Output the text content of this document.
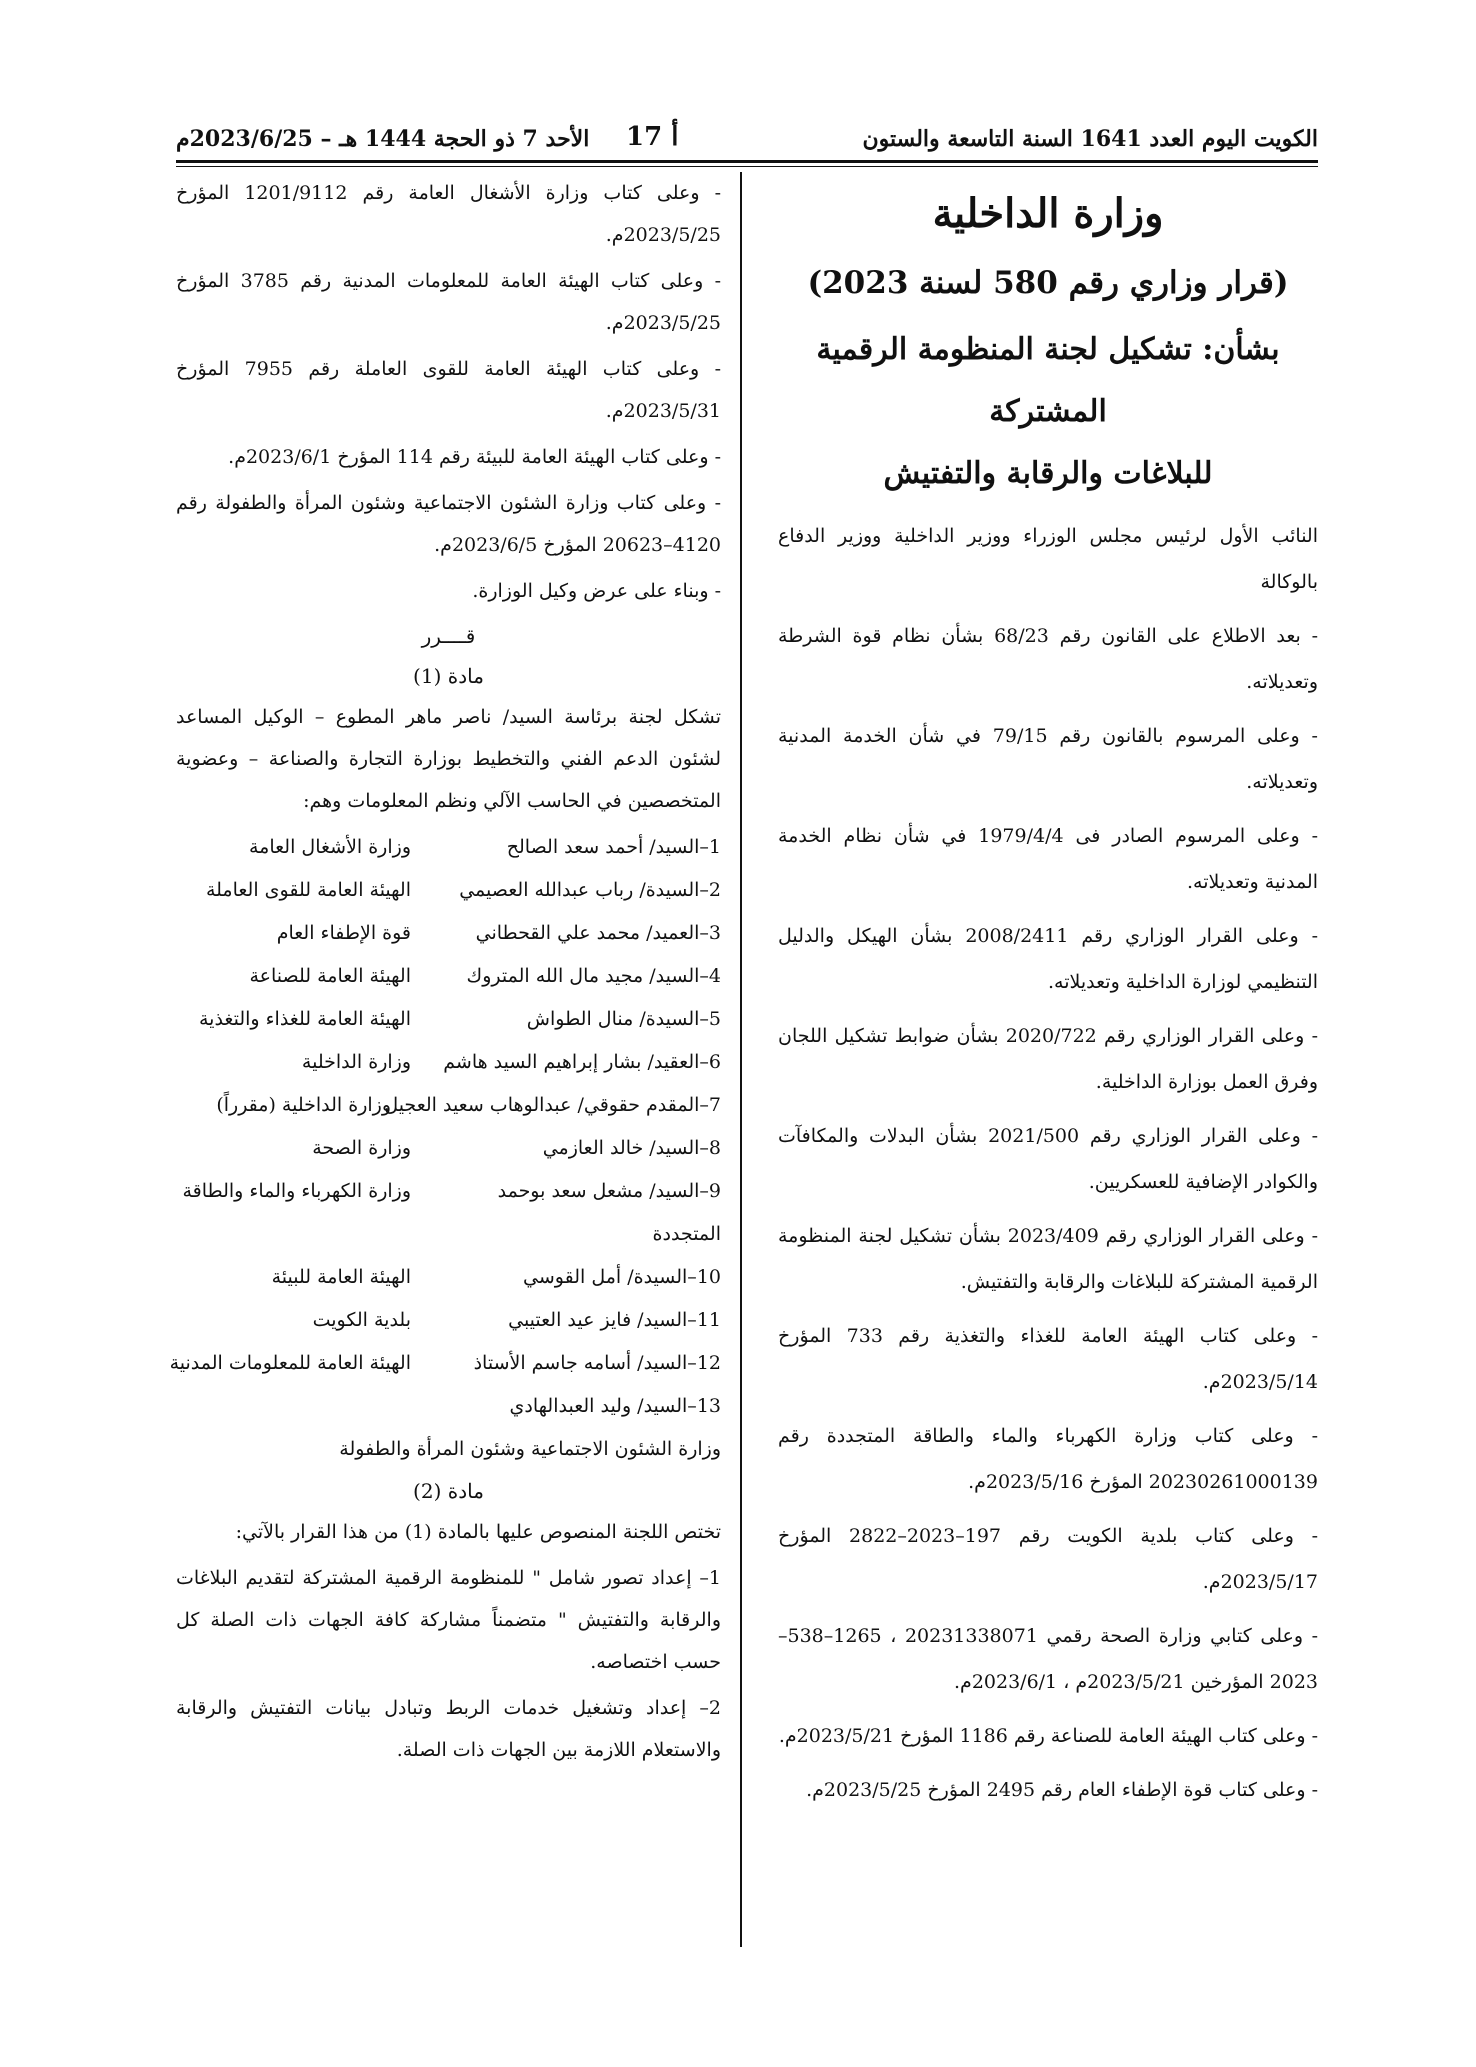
الكويت اليوم العدد 1641 السنة التاسعة والستون
أ 17
الأحد 7 ذو الحجة 1444 هـ – 2023/6/25م
وزارة الداخلية
(قرار وزاري رقم 580 لسنة 2023)
بشأن: تشكيل لجنة المنظومة الرقمية المشتركة
للبلاغات والرقابة والتفتيش

النائب الأول لرئيس مجلس الوزراء ووزير الداخلية ووزير الدفاع بالوكالة

- بعد الاطلاع على القانون رقم 68/23 بشأن نظام قوة الشرطة وتعديلاته.

- وعلى المرسوم بالقانون رقم 79/15 في شأن الخدمة المدنية وتعديلاته.

- وعلى المرسوم الصادر فى 1979/4/4 في شأن نظام الخدمة المدنية وتعديلاته.

- وعلى القرار الوزاري رقم 2008/2411 بشأن الهيكل والدليل التنظيمي لوزارة الداخلية وتعديلاته.

- وعلى القرار الوزاري رقم 2020/722 بشأن ضوابط تشكيل اللجان وفرق العمل بوزارة الداخلية.

- وعلى القرار الوزاري رقم 2021/500 بشأن البدلات والمكافآت والكوادر الإضافية للعسكريين.

- وعلى القرار الوزاري رقم 2023/409 بشأن تشكيل لجنة المنظومة الرقمية المشتركة للبلاغات والرقابة والتفتيش.

- وعلى كتاب الهيئة العامة للغذاء والتغذية رقم 733 المؤرخ 2023/5/14م.

- وعلى كتاب وزارة الكهرباء والماء والطاقة المتجددة رقم 20230261000139 المؤرخ 2023/5/16م.

- وعلى كتاب بلدية الكويت رقم 197–2023–2822 المؤرخ 2023/5/17م.

- وعلى كتابي وزارة الصحة رقمي 20231338071 ، 1265–538–2023 المؤرخين 2023/5/21م ، 2023/6/1م.

- وعلى كتاب الهيئة العامة للصناعة رقم 1186 المؤرخ 2023/5/21م.

- وعلى كتاب قوة الإطفاء العام رقم 2495 المؤرخ 2023/5/25م.

- وعلى كتاب وزارة الأشغال العامة رقم 1201/9112 المؤرخ 2023/5/25م.

- وعلى كتاب الهيئة العامة للمعلومات المدنية رقم 3785 المؤرخ 2023/5/25م.

- وعلى كتاب الهيئة العامة للقوى العاملة رقم 7955 المؤرخ 2023/5/31م.

- وعلى كتاب الهيئة العامة للبيئة رقم 114 المؤرخ 2023/6/1م.

- وعلى كتاب وزارة الشئون الاجتماعية وشئون المرأة والطفولة رقم 4120–20623 المؤرخ 2023/6/5م.

- وبناء على عرض وكيل الوزارة.

قــــرر
مادة (1)

تشكل لجنة برئاسة السيد/ ناصر ماهر المطوع – الوكيل المساعد لشئون الدعم الفني والتخطيط بوزارة التجارة والصناعة – وعضوية المتخصصين في الحاسب الآلي ونظم المعلومات وهم:

1–السيد/ أحمد سعد الصالح
وزارة الأشغال العامة
2–السيدة/ رباب عبدالله العصيمي
الهيئة العامة للقوى العاملة
3–العميد/ محمد علي القحطاني
قوة الإطفاء العام
4–السيد/ مجيد مال الله المتروك
الهيئة العامة للصناعة
5–السيدة/ منال الطواش
الهيئة العامة للغذاء والتغذية
6–العقيد/ بشار إبراهيم السيد هاشم
وزارة الداخلية
7–المقدم حقوقي/ عبدالوهاب سعيد العجيل
وزارة الداخلية (مقرراً)
8–السيد/ خالد العازمي
وزارة الصحة
9–السيد/ مشعل سعد بوحمد
وزارة الكهرباء والماء والطاقة
المتجددة
10–السيدة/ أمل القوسي
الهيئة العامة للبيئة
11–السيد/ فايز عيد العتيبي
بلدية الكويت
12–السيد/ أسامه جاسم الأستاذ
الهيئة العامة للمعلومات المدنية
13–السيد/ وليد العبدالهادي
وزارة الشئون الاجتماعية وشئون المرأة والطفولة
مادة (2)

تختص اللجنة المنصوص عليها بالمادة (1) من هذا القرار بالآتي:

1– إعداد تصور شامل " للمنظومة الرقمية المشتركة لتقديم البلاغات والرقابة والتفتيش " متضمناً مشاركة كافة الجهات ذات الصلة كل حسب اختصاصه.

2– إعداد وتشغيل خدمات الربط وتبادل بيانات التفتيش والرقابة والاستعلام اللازمة بين الجهات ذات الصلة.
